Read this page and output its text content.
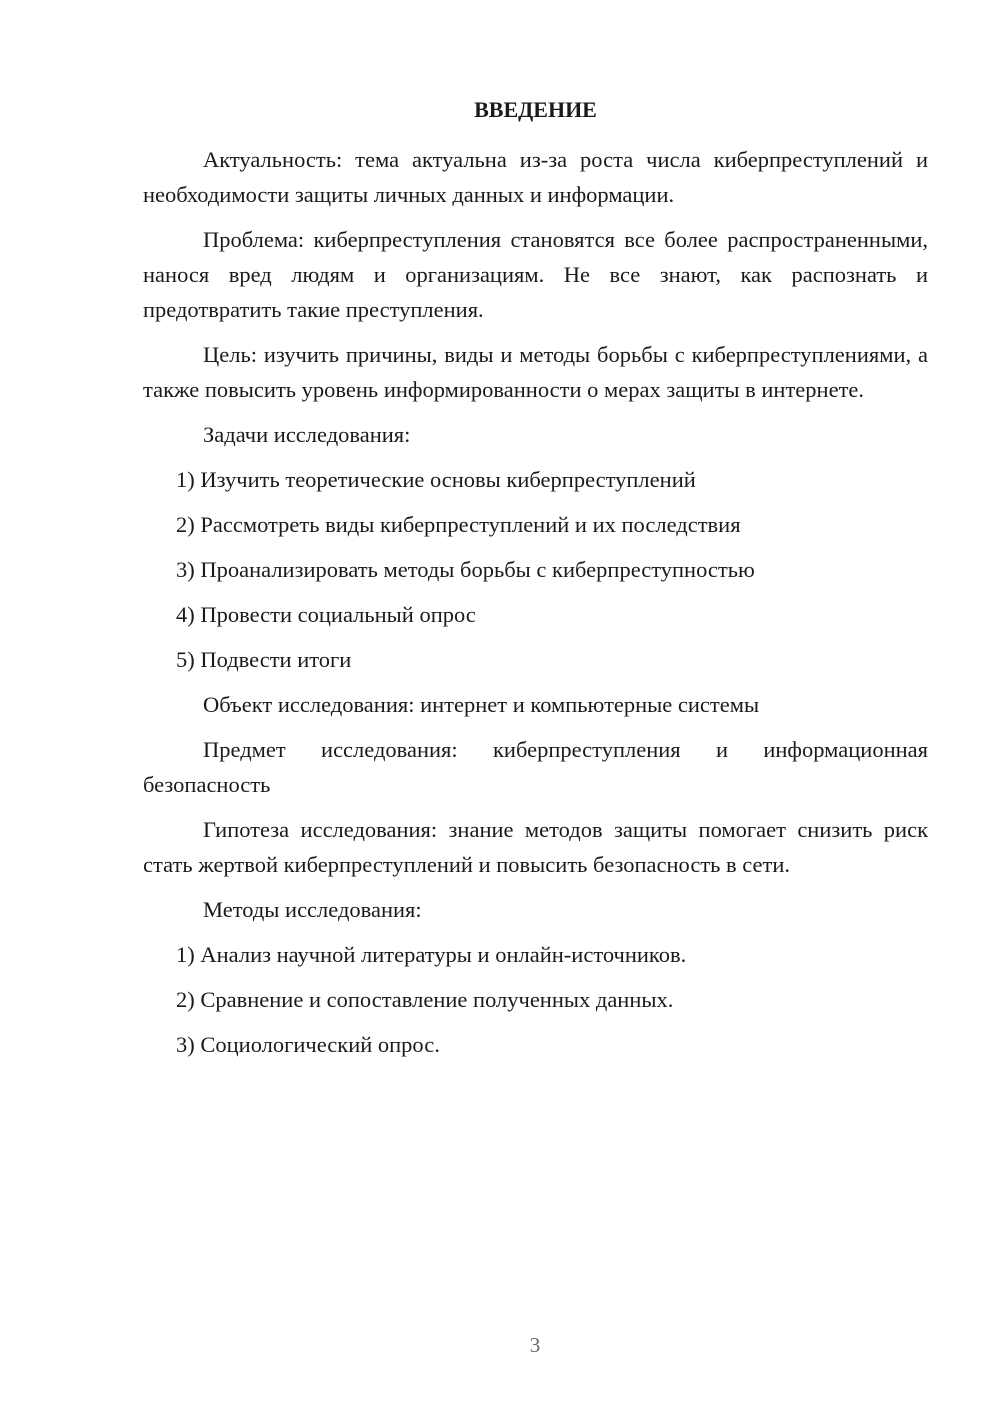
ВВЕДЕНИЕ

Актуальность: тема актуальна из-за роста числа киберпреступлений и необходимости защиты личных данных и информации.

Проблема: киберпреступления становятся все более распространенными, нанося вред людям и организациям. Не все знают, как распознать и предотвратить такие преступления.

Цель: изучить причины, виды и методы борьбы с киберпреступлениями, а также повысить уровень информированности о мерах защиты в интернете.

Задачи исследования:

1) Изучить теоретические основы киберпреступлений

2) Рассмотреть виды киберпреступлений и их последствия

3) Проанализировать методы борьбы с киберпреступностью

4) Провести социальный опрос

5) Подвести итоги

Объект исследования: интернет и компьютерные системы

Предмет исследования: киберпреступления и информационная безопасность

Гипотеза исследования: знание методов защиты помогает снизить риск стать жертвой киберпреступлений и повысить безопасность в сети.

Методы исследования:

1) Анализ научной литературы и онлайн-источников.

2) Сравнение и сопоставление полученных данных.

3) Социологический опрос.

3
